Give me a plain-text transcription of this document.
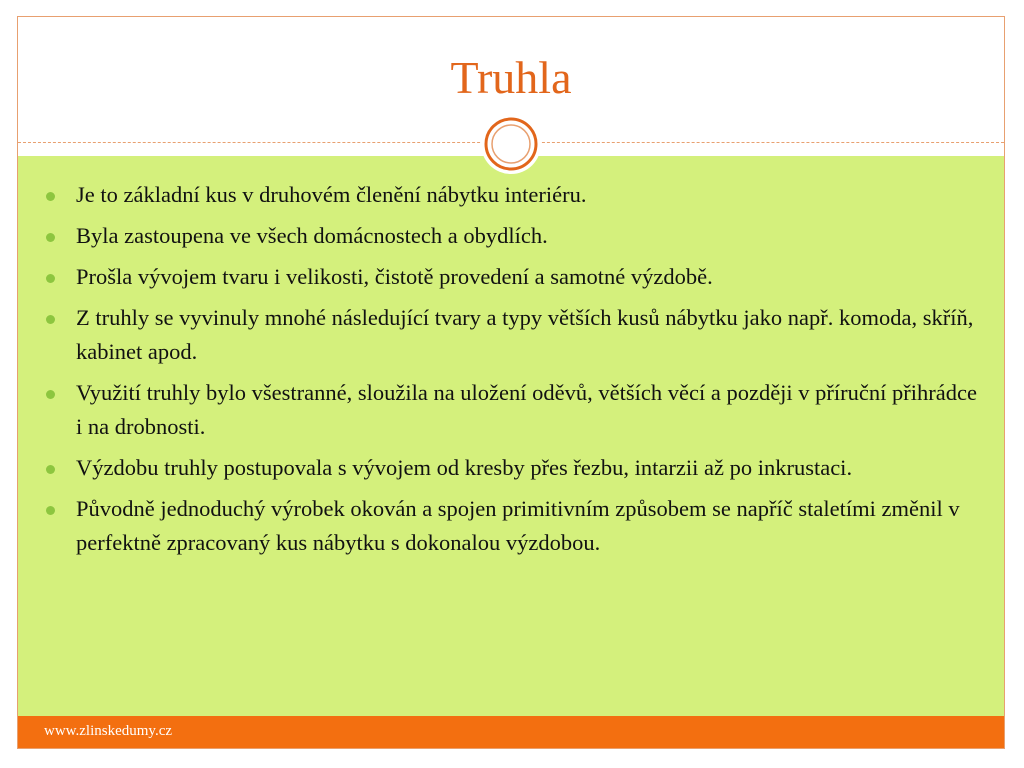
Truhla
Je to základní kus v druhovém členění nábytku interiéru.
Byla zastoupena ve všech domácnostech a obydlích.
Prošla vývojem tvaru i velikosti, čistotě provedení a samotné výzdobě.
Z truhly se vyvinuly mnohé následující tvary a typy větších kusů nábytku jako např. komoda, skříň, kabinet apod.
Využití truhly bylo všestranné, sloužila na uložení oděvů, větších věcí a později v příruční přihrádce i na drobnosti.
Výzdobu truhly postupovala s vývojem od kresby přes řezbu, intarzii až po inkrustaci.
Původně jednoduchý výrobek okován a spojen primitivním způsobem se napříč staletími změnil v perfektně zpracovaný kus nábytku s dokonalou výzdobou.
www.zlinskedumy.cz
